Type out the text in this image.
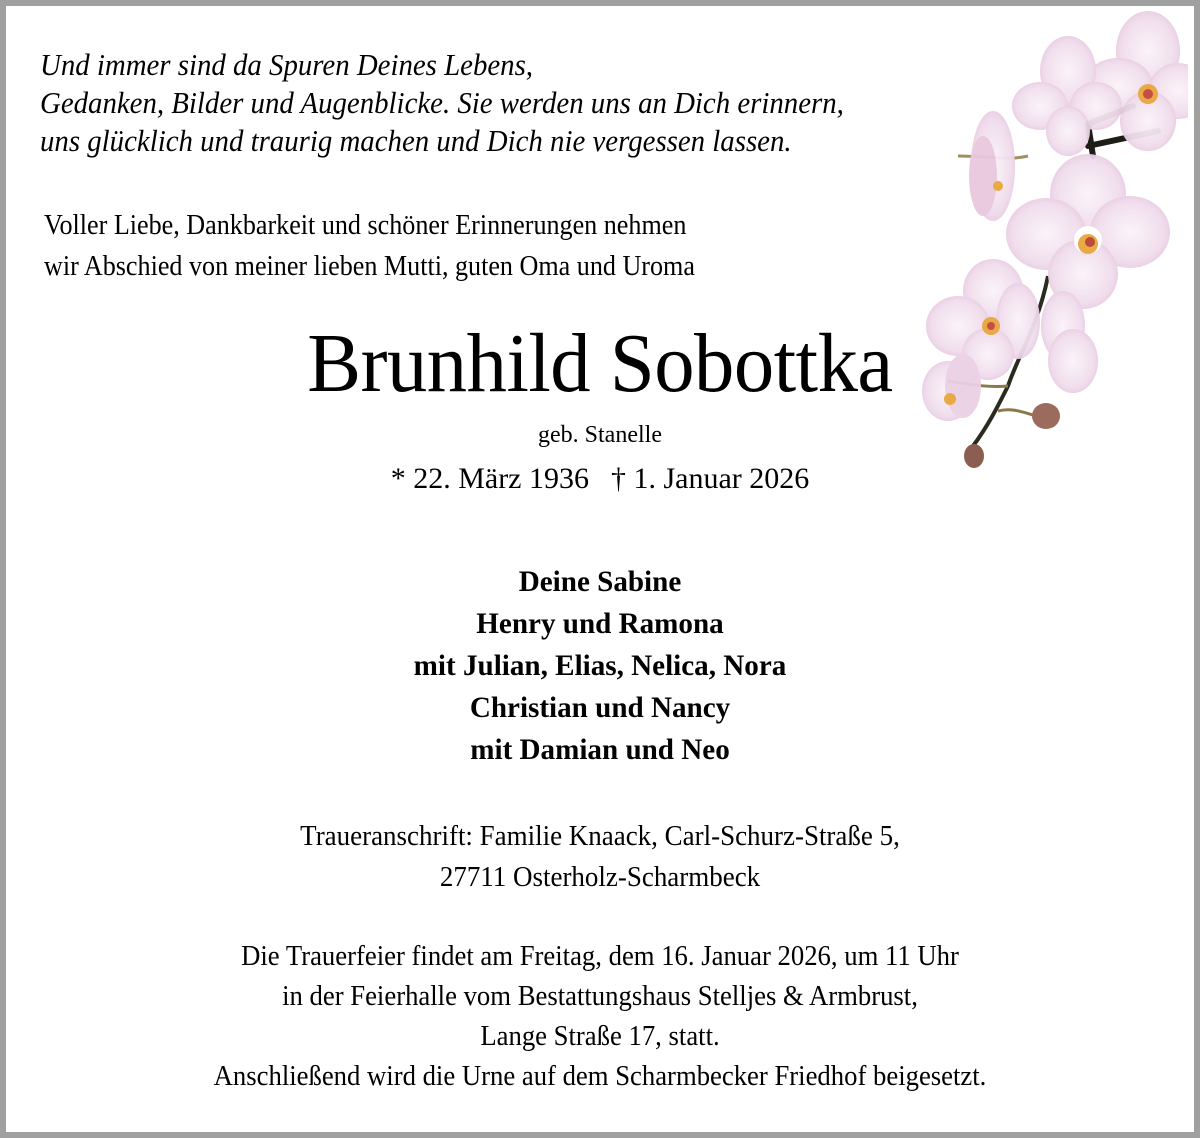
Und immer sind da Spuren Deines Lebens,
Gedanken, Bilder und Augenblicke. Sie werden uns an Dich erinnern,
uns glücklich und traurig machen und Dich nie vergessen lassen.
Voller Liebe, Dankbarkeit und schöner Erinnerungen nehmen
wir Abschied von meiner lieben Mutti, guten Oma und Uroma
Brunhild Sobottka
geb. Stanelle
* 22. März 1936 † 1. Januar 2026
Deine Sabine
Henry und Ramona
mit Julian, Elias, Nelica, Nora
Christian und Nancy
mit Damian und Neo
Traueranschrift: Familie Knaack, Carl-Schurz-Straße 5,
27711 Osterholz-Scharmbeck
Die Trauerfeier findet am Freitag, dem 16. Januar 2026, um 11 Uhr
in der Feierhalle vom Bestattungshaus Stelljes & Armbrust,
Lange Straße 17, statt.
Anschließend wird die Urne auf dem Scharmbecker Friedhof beigesetzt.
